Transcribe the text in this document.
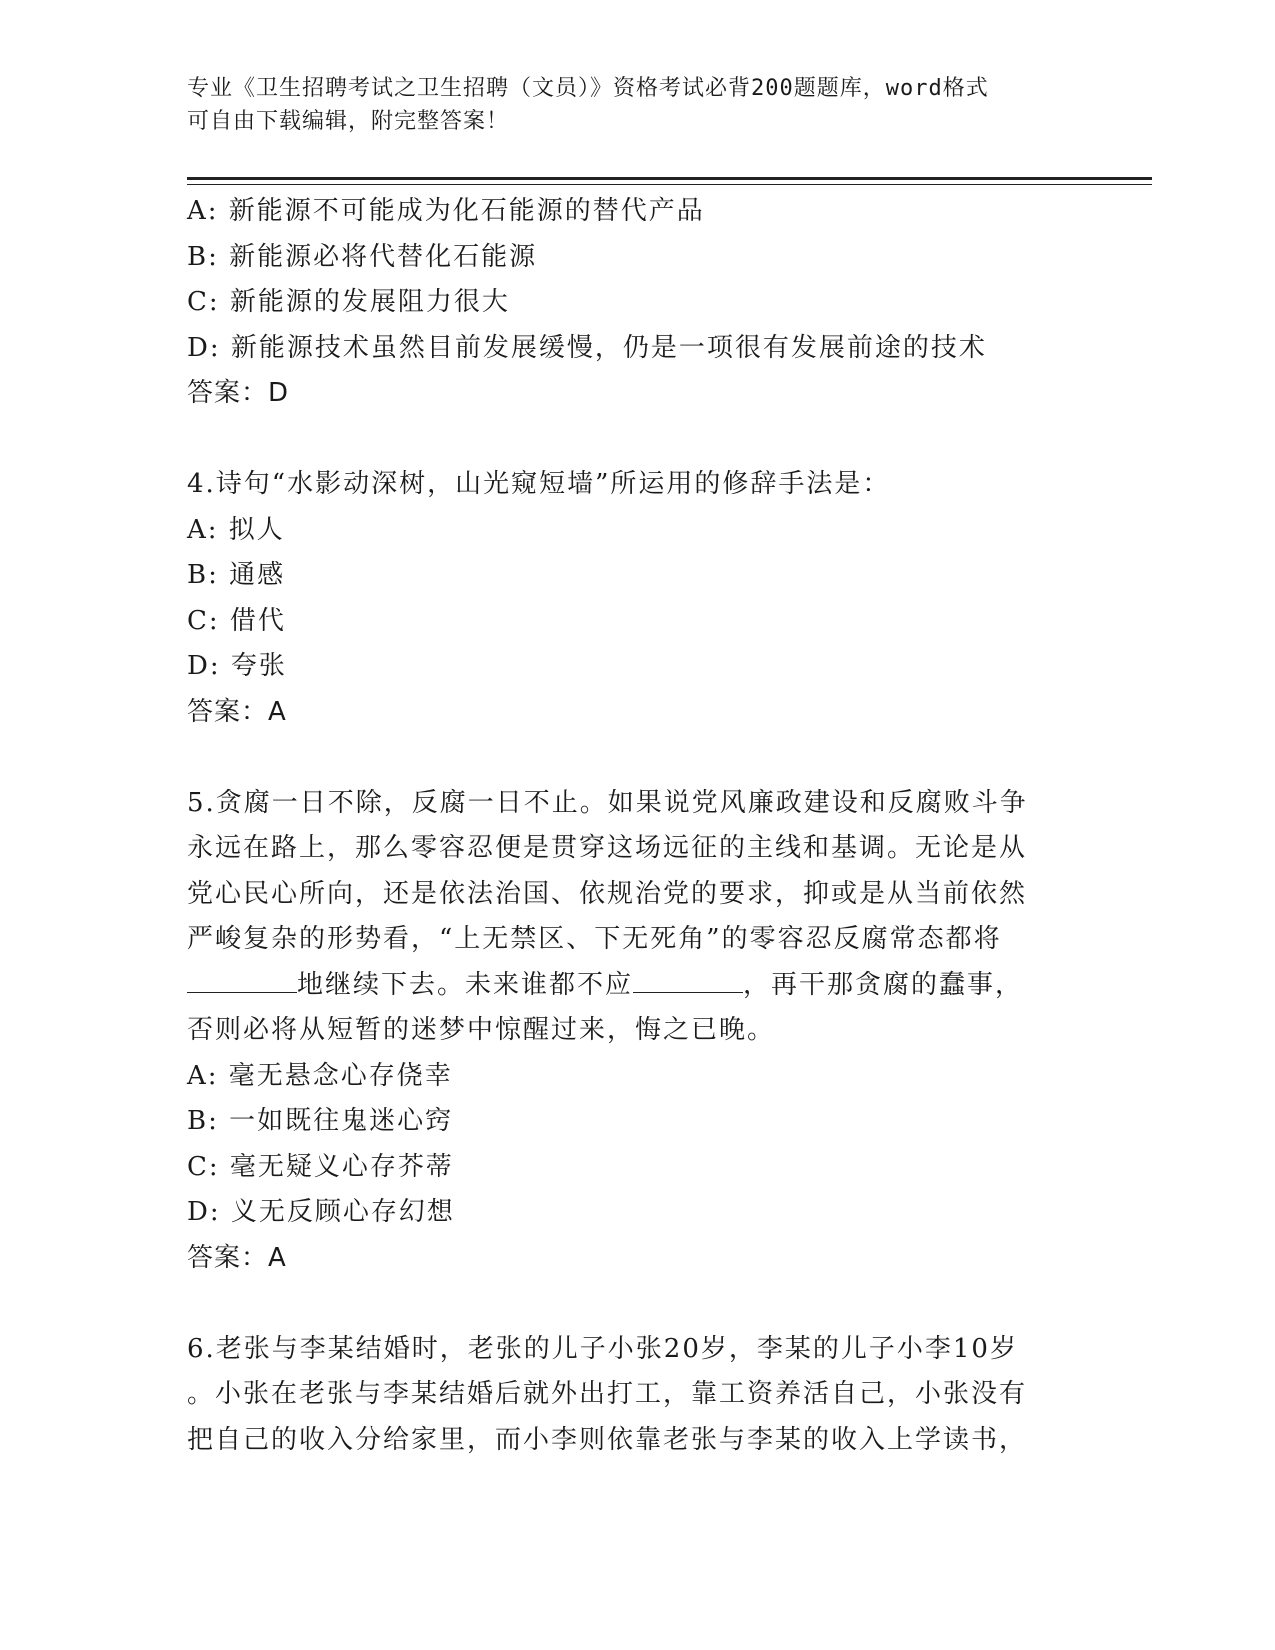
专业《卫生招聘考试之卫生招聘（文员）》资格考试必背200题题库，word格式
可自由下载编辑，附完整答案！
A: 新能源不可能成为化石能源的替代产品
B: 新能源必将代替化石能源
C: 新能源的发展阻力很大
D: 新能源技术虽然目前发展缓慢，仍是一项很有发展前途的技术
答案：D
4.诗句“水影动深树，山光窥短墙”所运用的修辞手法是：
A: 拟人
B: 通感
C: 借代
D: 夸张
答案：A
5.贪腐一日不除，反腐一日不止。如果说党风廉政建设和反腐败斗争
永远在路上，那么零容忍便是贯穿这场远征的主线和基调。无论是从
党心民心所向，还是依法治国、依规治党的要求，抑或是从当前依然
严峻复杂的形势看，“上无禁区、下无死角”的零容忍反腐常态都将
地继续下去。未来谁都不应	，再干那贪腐的蠢事，
否则必将从短暂的迷梦中惊醒过来，悔之已晚。
A: 毫无悬念心存侥幸
B: 一如既往鬼迷心窍
C: 毫无疑义心存芥蒂
D: 义无反顾心存幻想
答案：A
6.老张与李某结婚时，老张的儿子小张20岁，李某的儿子小李10岁
。小张在老张与李某结婚后就外出打工，靠工资养活自己，小张没有
把自己的收入分给家里，而小李则依靠老张与李某的收入上学读书，
